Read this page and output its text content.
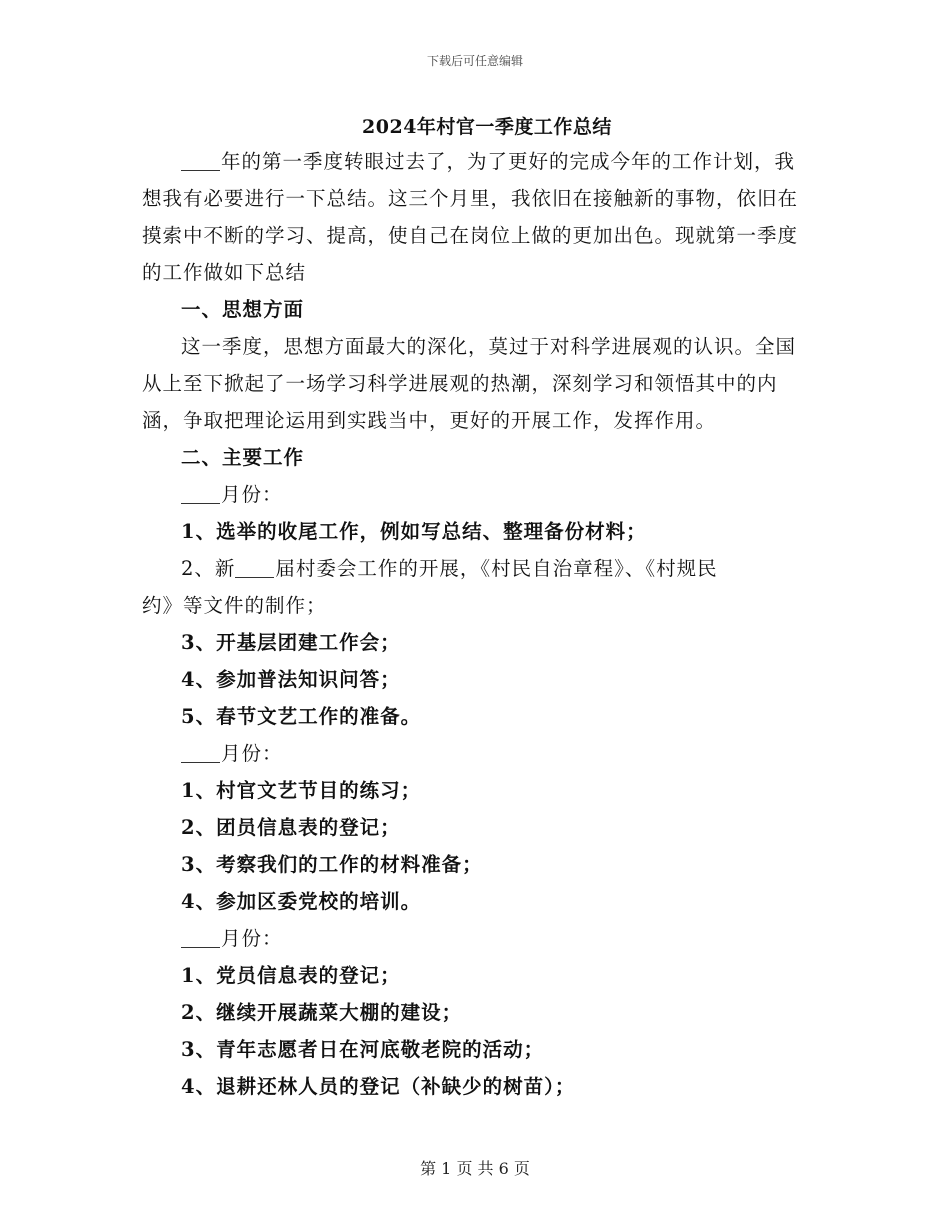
下载后可任意编辑
2024年村官一季度工作总结

年的第一季度转眼过去了，为了更好的完成今年的工作计划，我想我有必要进行一下总结。这三个月里，我依旧在接触新的事物，依旧在摸索中不断的学习、提高，使自己在岗位上做的更加出色。现就第一季度的工作做如下总结

一、思想方面

这一季度，思想方面最大的深化，莫过于对科学进展观的认识。全国从上至下掀起了一场学习科学进展观的热潮，深刻学习和领悟其中的内涵，争取把理论运用到实践当中，更好的开展工作，发挥作用。

二、主要工作

月份：

1、选举的收尾工作，例如写总结、整理备份材料；

2、新 届村委会工作的开展，《村民自治章程》、《村规民

约》等文件的制作；

3、开基层团建工作会；

4、参加普法知识问答；

5、春节文艺工作的准备。

月份：

1、村官文艺节目的练习；

2、团员信息表的登记；

3、考察我们的工作的材料准备；

4、参加区委党校的培训。

月份：

1、党员信息表的登记；

2、继续开展蔬菜大棚的建设；

3、青年志愿者日在河底敬老院的活动；

4、退耕还林人员的登记（补缺少的树苗）；

第 1 页 共 6 页
